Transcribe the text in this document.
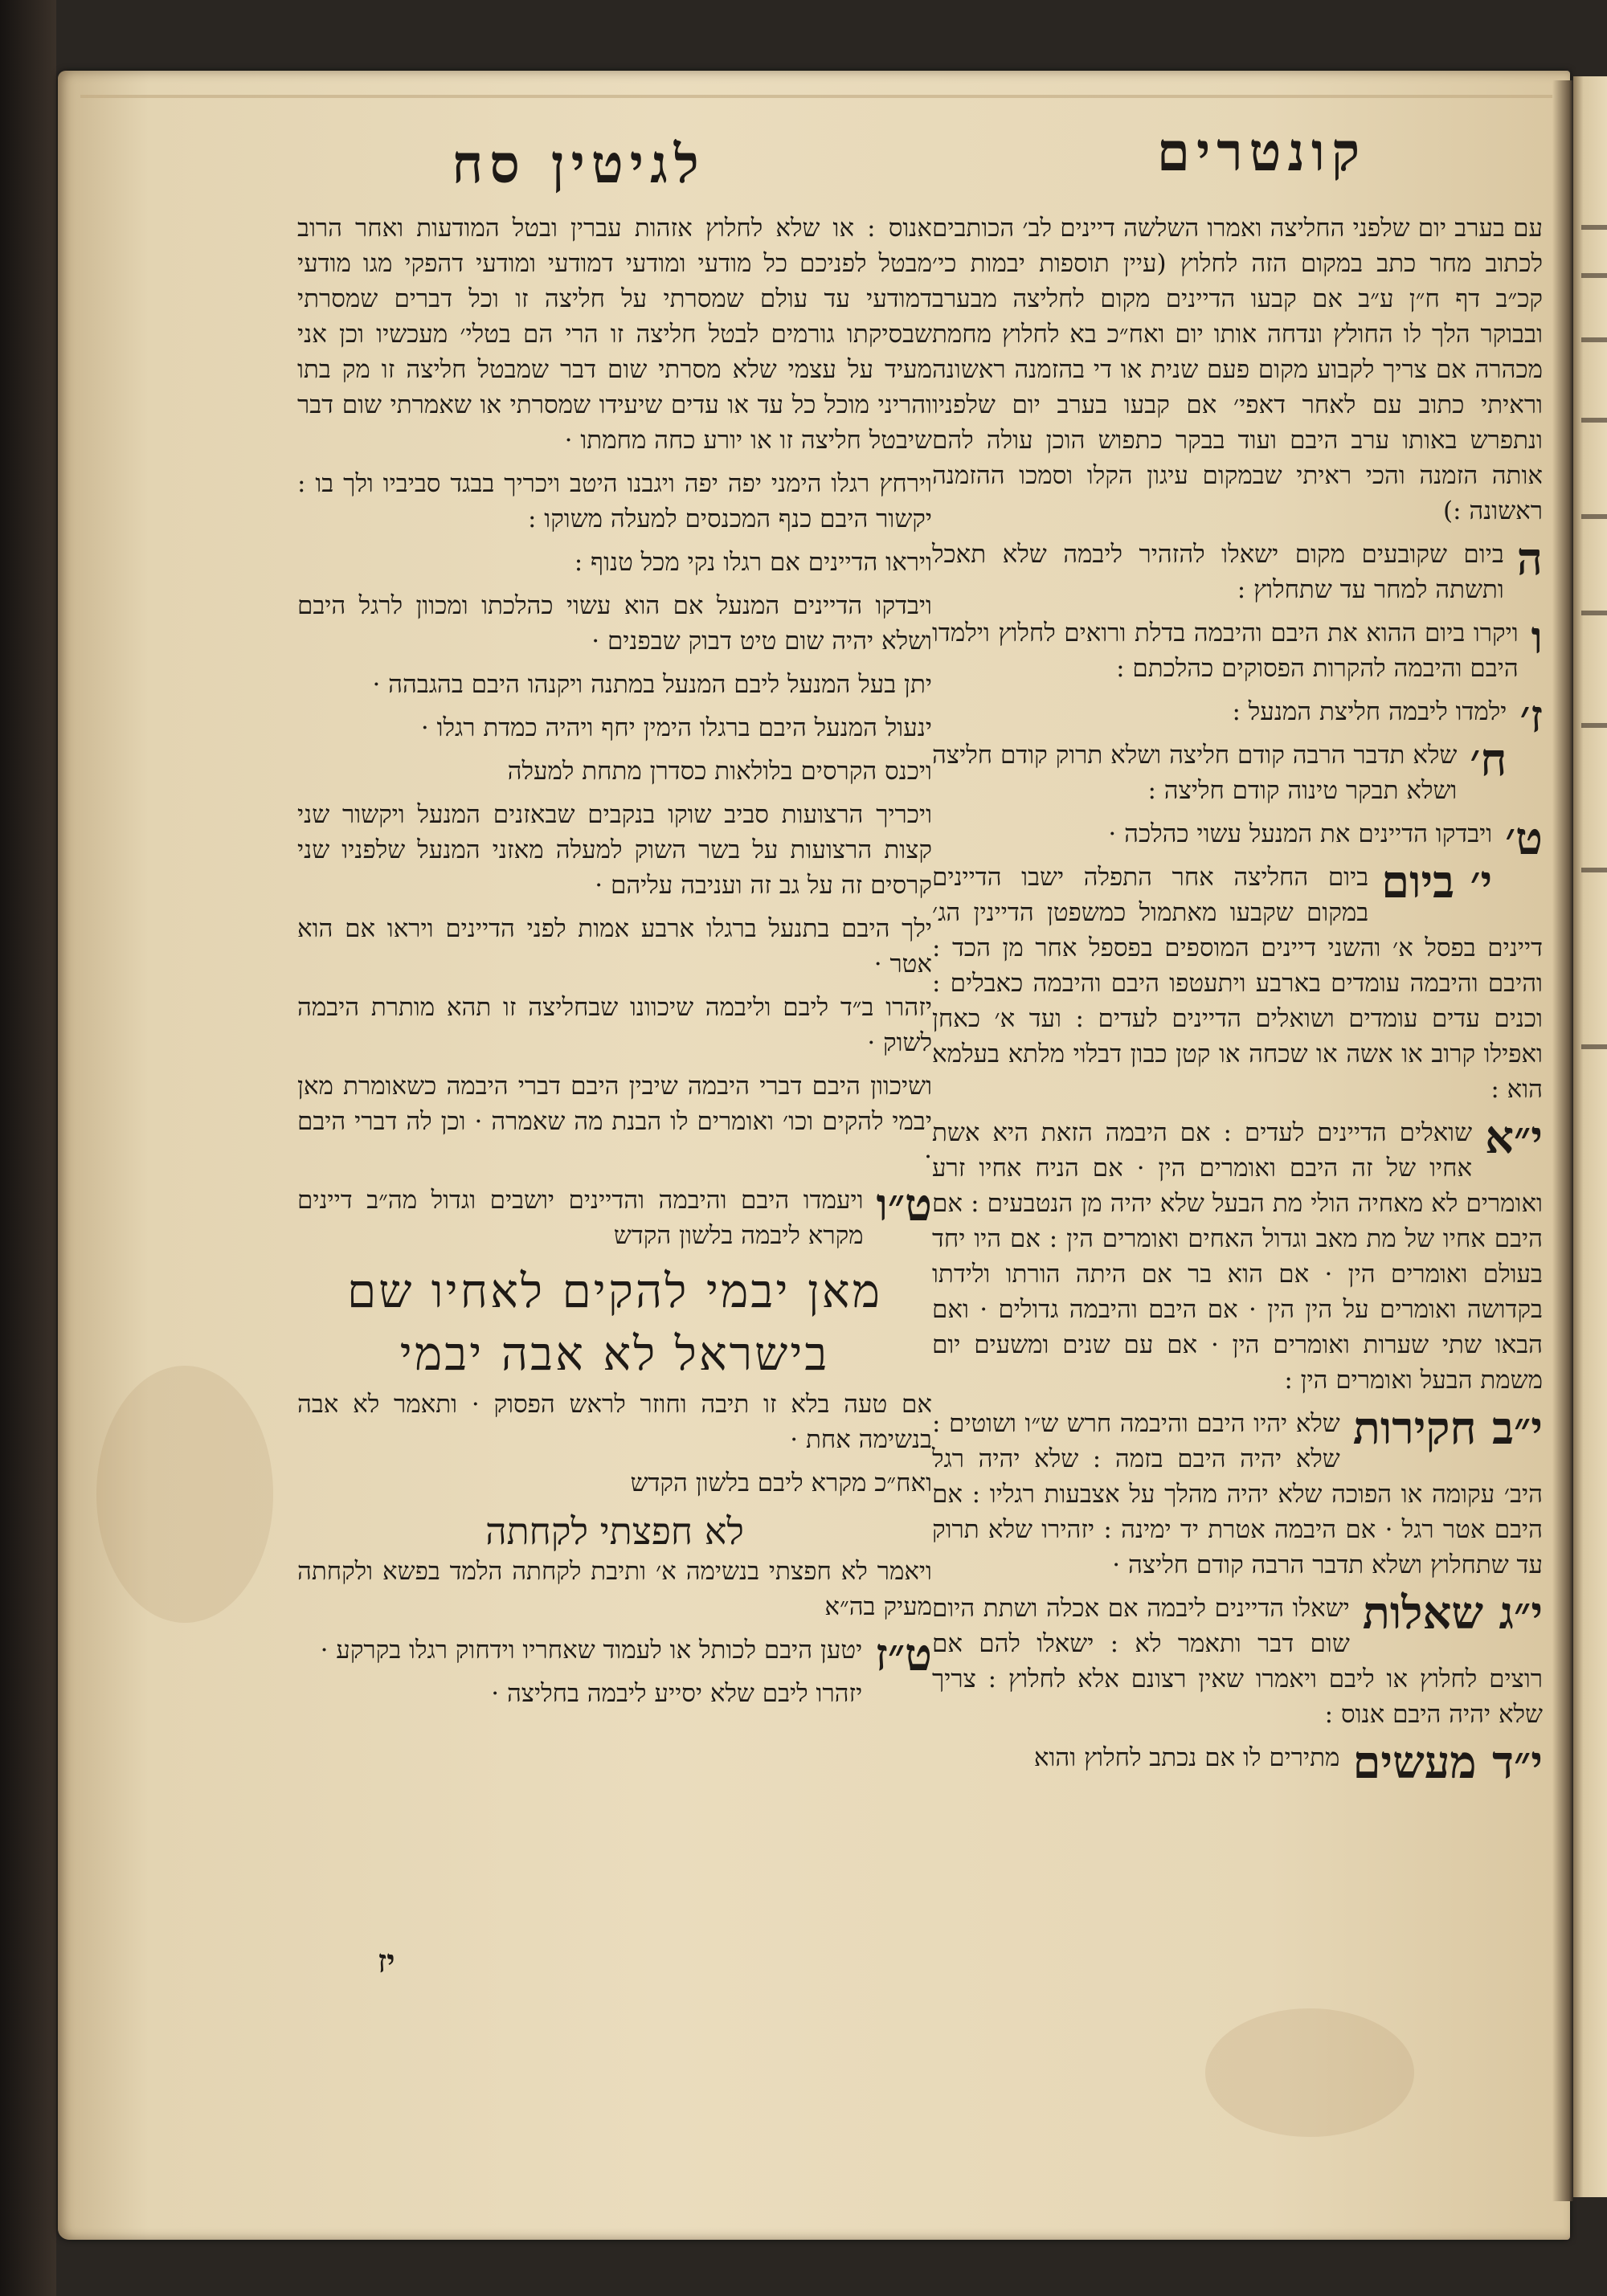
לגיטין סח	קונטרים

עם בערב יום שלפני החליצה ואמרו השלשה דיינים לב׳ הכותבים לכתוב מחר כתב במקום הזה לחלוץ (עיין תוספות יבמות כי׳ קכ״ב דף ח״ן ע״ב אם קבעו הדיינים מקום לחליצה מבערב ובבוקר הלך לו החולץ ונדחה אותו יום ואח״כ בא לחלוץ מחמת מכהרה אם צריך לקבוע מקום פעם שנית או די בהזמנה ראשונה וראיתי כתוב עם לאחר דאפי׳ אם קבעו בערב יום שלפניו ונתפרש באותו ערב היבם ועוד בבקר כתפוש הוכן עולה להם אותה הזמנה והכי ראיתי שבמקום עיגון הקלו וסמכו ההזמנה ראשונה :)

ה
ביום שקובעים מקום ישאלו להזהיר ליבמה שלא תאכל ותשתה למחר עד שתחלוץ :

ו
ויקרו ביום ההוא את היבם והיבמה בדלת ורואים לחלוץ וילמדו היבם והיבמה להקרות הפסוקים כהלכתם :

ז׳
ילמדו ליבמה חליצת המנעל :

ח׳
שלא תדבר הרבה קודם חליצה ושלא תרוק קודם חליצה ושלא תבקר טינוה קודם חליצה :

ט׳
ויבדקו הדיינים את המנעל עשוי כהלכה ·

י׳ ביום
ביום החליצה אחר התפלה ישבו הדיינים במקום שקבעו מאתמול כמשפטן הדיינין הג׳ דיינים בפסל א׳ והשני דיינים המוספים בפספל אחר מן הכד : והיבם והיבמה עומדים בארבע ויתעטפו היבם והיבמה כאבלים : וכנים עדים עומדים ושואלים הדיינים לעדים : ועד א׳ כאחן ואפילו קרוב או אשה או שכחה או קטן כבון דבלוי מלתא בעלמא הוא :

י״א
שואלים הדיינים לעדים : אם היבמה הזאת היא אשת אחיו של זה היבם ואומרים הין · אם הניח אחיו זרע ואומרים לא מאחיה הולי מת הבעל שלא יהיה מן הנטבעים : אם היבם אחיו של מת מאב וגדול האחים ואומרים הין : אם היו יחד בעולם ואומרים הין · אם הוא בר אם היתה הורתו ולידתו בקדושה ואומרים על הין הין · אם היבם והיבמה גדולים · ואם הבאו שתי שערות ואומרים הין · אם עם שנים ומשעים יום משמת הבעל ואומרים הין :

י״ב חקירות
שלא יהיו היבם והיבמה חרש ש״ו ושוטים : שלא יהיה היבם בזמה : שלא יהיה רגל היב׳ עקומה או הפוכה שלא יהיה מהלך על אצבעות רגליו : אם היבם אטר רגל · אם היבמה אטרת יד ימינה : יזהירו שלא תרוק עד שתחלוץ ושלא תדבר הרבה קודם חליצה ·

י״ג שאלות
ישאלו הדיינים ליבמה אם אכלה ושתת היום שום דבר ותאמר לא : ישאלו להם אם רוצים לחלוץ או ליבם ויאמרו שאין רצונם אלא לחלוץ : צריך שלא יהיה היבם אנוס :

י״ד מעשים
מתירים לו אם נכתב לחלוץ והוא

אנוס : או שלא לחלוץ אזהות עברין ובטל המודעות ואחר הרוב מבטל לפניכם כל מודעי ומודעי דמודעי ומודעי דהפקי מגו מודעי דמודעי עד עולם שמסרתי על חליצה זו וכל דברים שמסרתי שבסיקתו גורמים לבטל חליצה זו הרי הם בטלי׳ מעכשיו וכן אני מעיד על עצמי שלא מסרתי שום דבר שמבטל חליצה זו מק בתו והריני מוכל כל עד או עדים שיעידו שמסרתי או שאמרתי שום דבר שיבטל חליצה זו או יורע כחה מחמתו ·

וירחץ רגלו הימני יפה יפה ויגבנו היטב ויכריך בבגד סביביו ולך בו : יקשור היבם כנף המכנסים למעלה משוקו :

ויראו הדיינים אם רגלו נקי מכל טנוף :

ויבדקו הדיינים המנעל אם הוא עשוי כהלכתו ומכוון לרגל היבם ושלא יהיה שום טיט דבוק שבפנים ·

יתן בעל המנעל ליבם המנעל במתנה ויקנהו היבם בהגבהה ·

ינעול המנעל היבם ברגלו הימין יחף ויהיה כמדת רגלו ·

ויכנס הקרסים בלולאות כסדרן מתחת למעלה

ויכריך הרצועות סביב שוקו בנקבים שבאזנים המנעל ויקשור שני קצות הרצועות על בשר השוק למעלה מאזני המנעל שלפניו שני קרסים זה על גב זה ועניבה עליהם ·

ילך היבם בתנעל ברגלו ארבע אמות לפני הדיינים ויראו אם הוא אטר ·

יזהרו ב״ד ליבם וליבמה שיכוונו שבחליצה זו תהא מותרת היבמה לשוק ·

ושיכוון היבם דברי היבמה שיבין היבם דברי היבמה כשאומרת מאן יבמי להקים וכו׳ ואומרים לו הבנת מה שאמרה · וכן לה דברי היבם ·

ט״ו
ויעמדו היבם והיבמה והדיינים יושבים וגדול מה״ב דיינים מקרא ליבמה בלשון הקדש

מאן יבמי להקים לאחיו שם
בישראל לא אבה יבמי

אם טעה בלא זו תיבה וחוזר לראש הפסוק · ותאמר לא אבה בנשימה אחת ·

ואח״כ מקרא ליבם בלשון הקדש

לא חפצתי לקחתה

ויאמר לא חפצתי בנשימה א׳ ותיבת לקחתה הלמד בפשא ולקחתה מעיק בה״א

ט״ז
יטען היבם לכותל או לעמוד שאחריו וידחוק רגלו בקרקע ·

יזהרו ליבם שלא יסייע ליבמה בחליצה ·

יז
